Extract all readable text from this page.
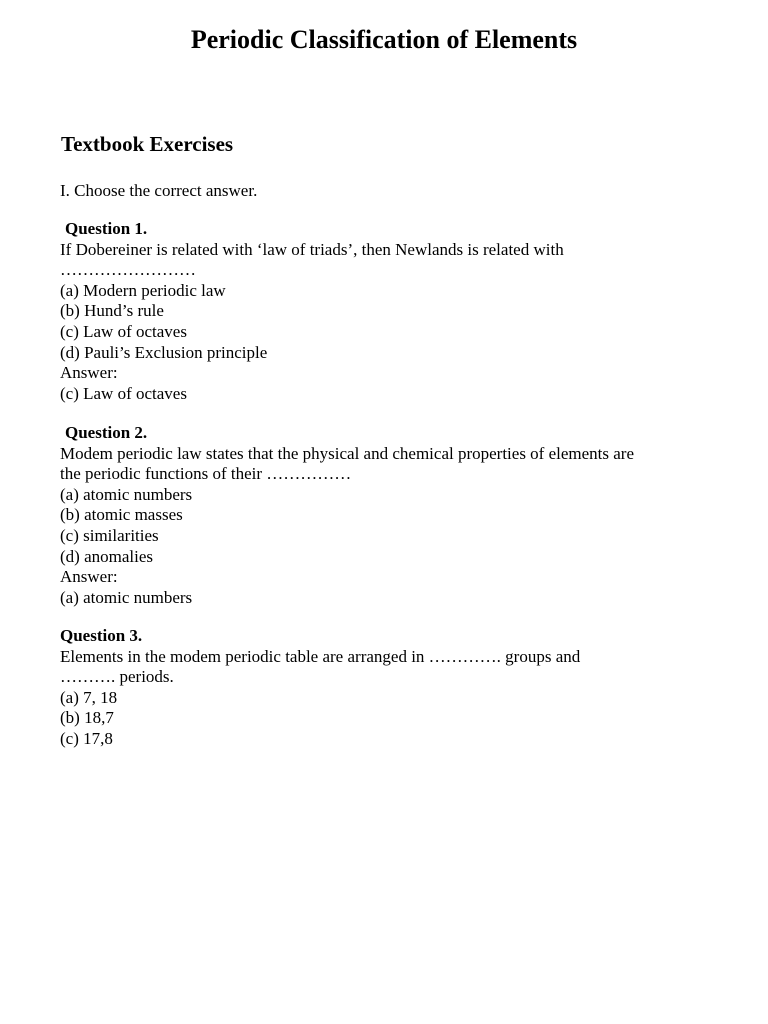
Periodic Classification of Elements
Textbook Exercises
I. Choose the correct answer.
Question 1.
If Dobereiner is related with ‘law of triads’, then Newlands is related with
……………………
(a) Modern periodic law
(b) Hund’s rule
(c) Law of octaves
(d) Pauli’s Exclusion principle
Answer:
(c) Law of octaves
Question 2.
Modem periodic law states that the physical and chemical properties of elements are
the periodic functions of their ……………
(a) atomic numbers
(b) atomic masses
(c) similarities
(d) anomalies
Answer:
(a) atomic numbers
Question 3.
Elements in the modem periodic table are arranged in …………. groups and
………. periods.
(a) 7, 18
(b) 18,7
(c) 17,8
